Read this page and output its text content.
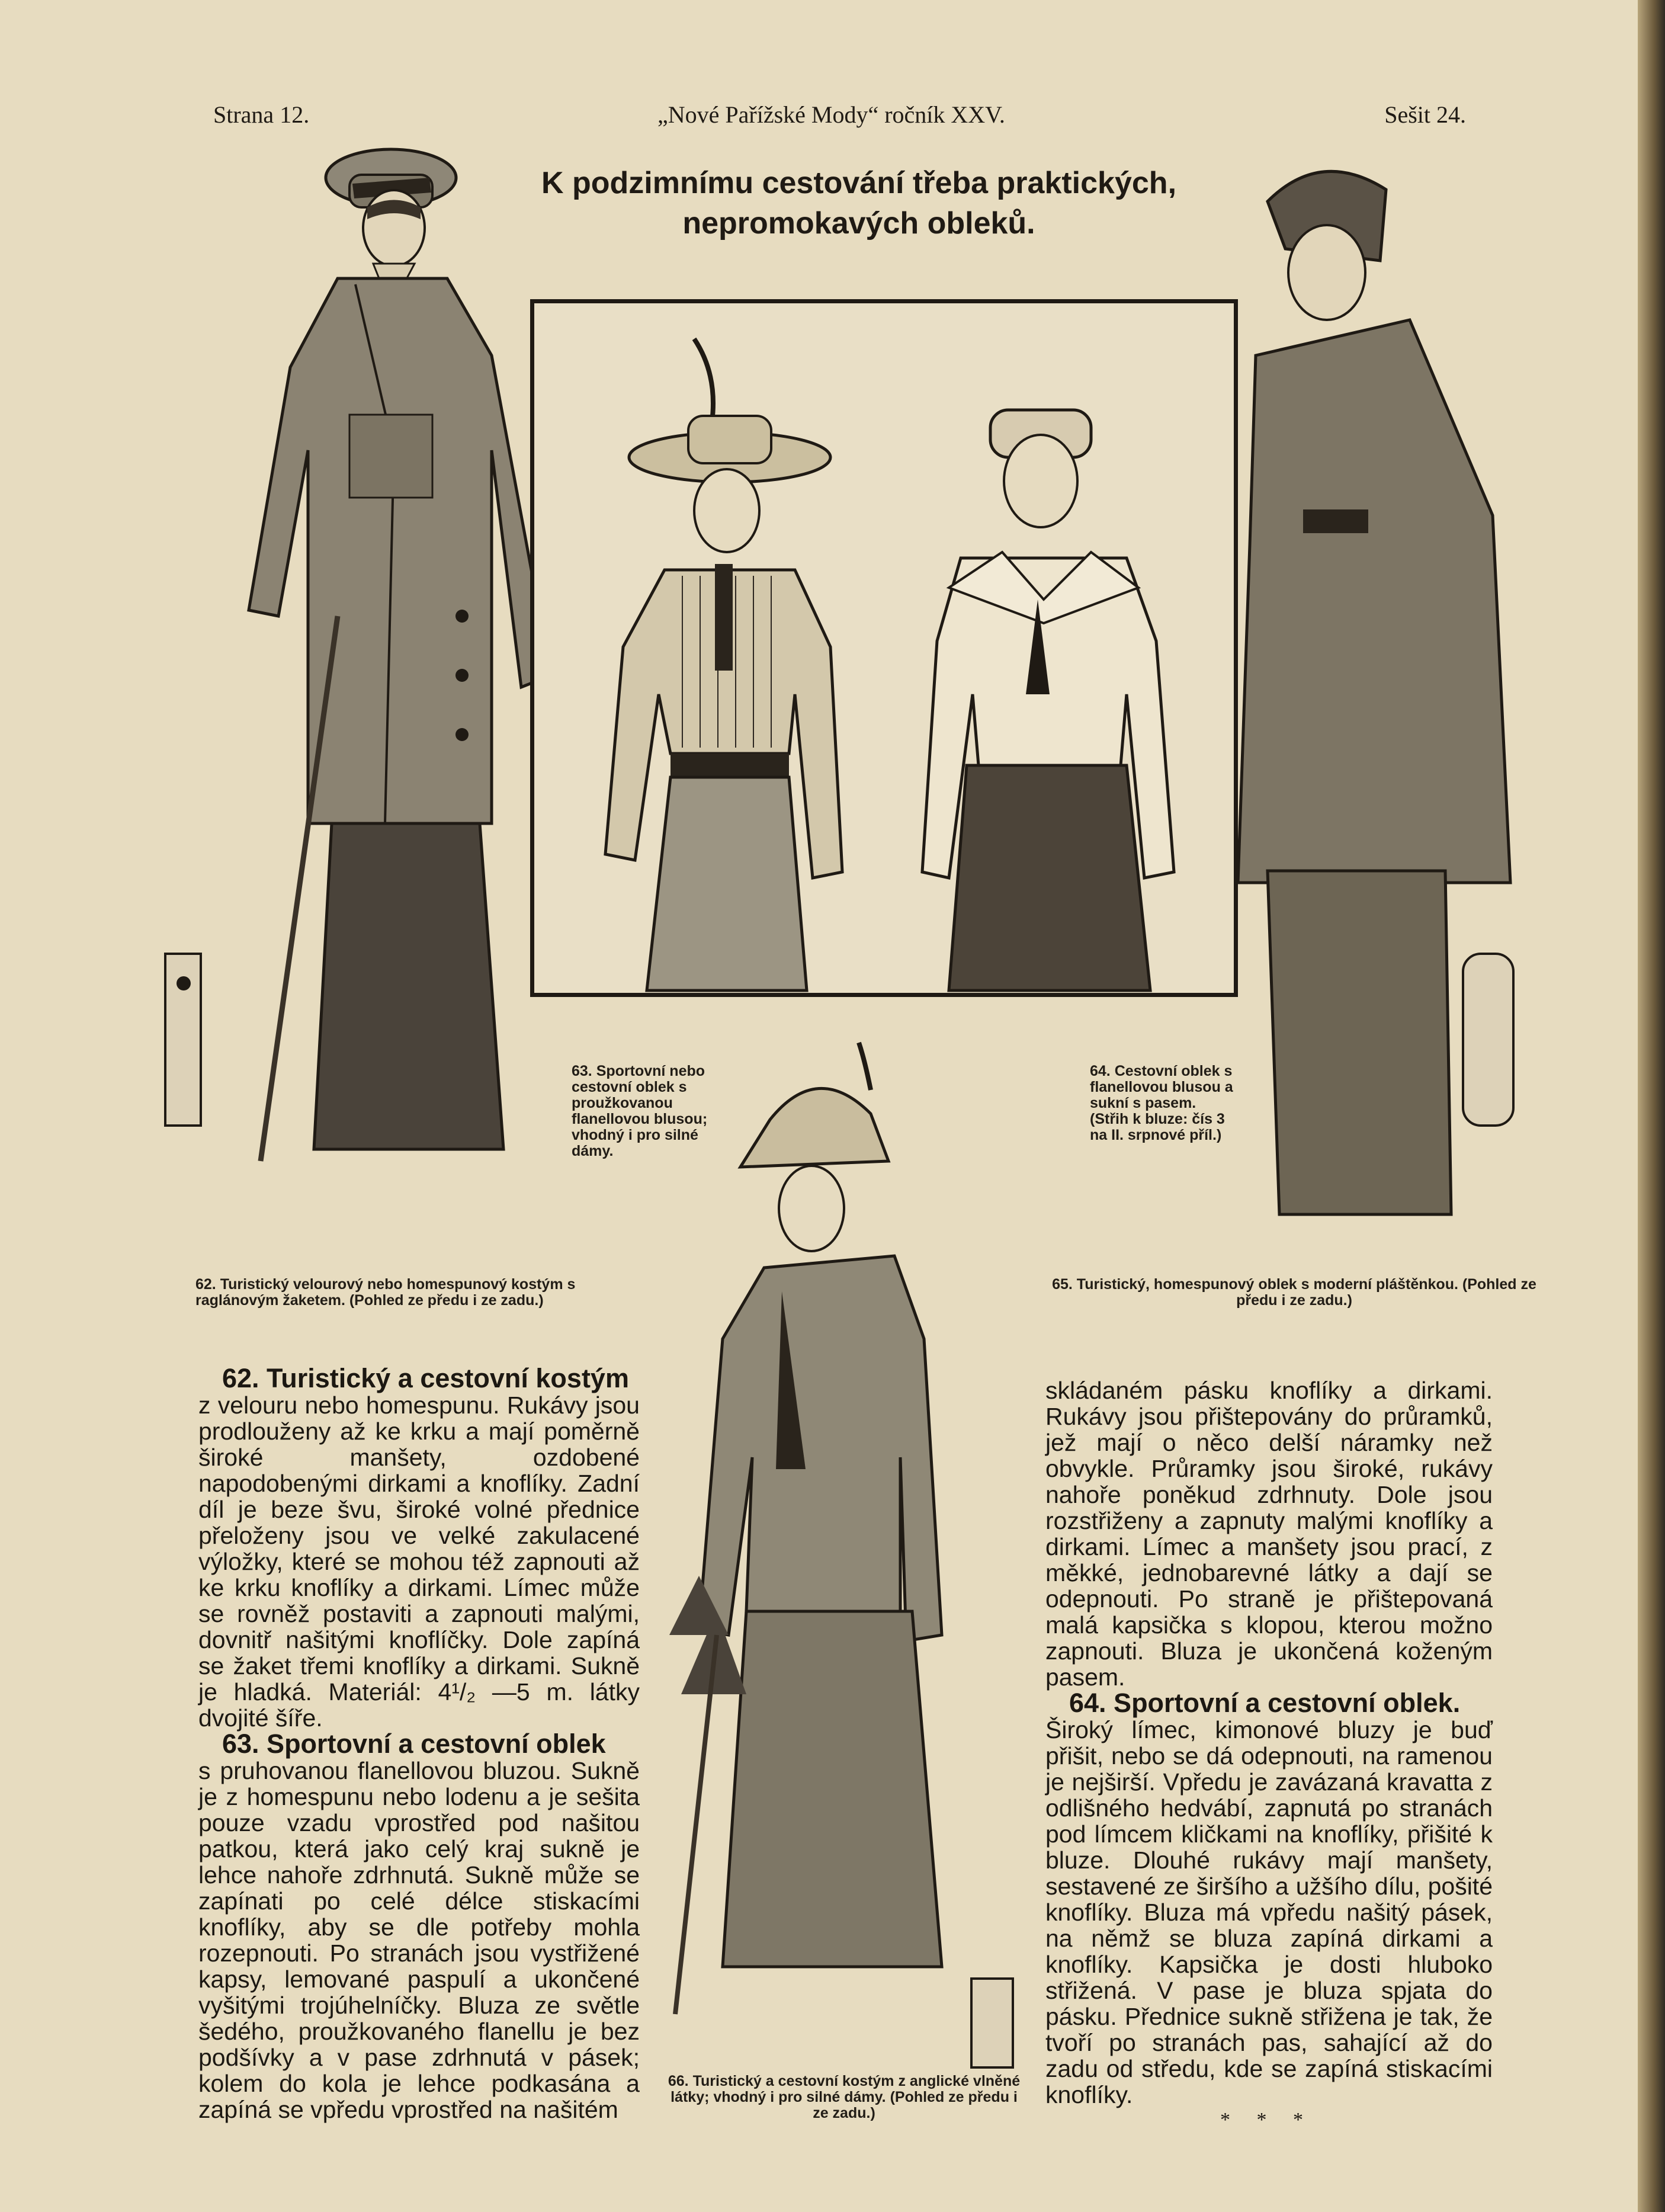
Strana 12.	„Nové Pařížské Mody“ ročník XXV.	Sešit 24.
K podzimnímu cestování třeba praktických,
nepromokavých obleků.
63. Sportovní nebo cestovní oblek s proužkovanou flanellovou blusou; vhodný i pro silné dámy.
64. Cestovní oblek s flanellovou blusou a sukní s pasem. (Střih k bluze: čís 3 na II. srpnové příl.)
62. Turistický velourový nebo homespunový kostým s raglánovým žaketem. (Pohled ze předu i ze zadu.)
65. Turistický, homespunový oblek s moderní pláštěnkou. (Pohled ze předu i ze zadu.)
66. Turistický a cestovní kostým z anglické vlněné látky; vhodný i pro silné dámy. (Pohled ze předu i ze zadu.)

62. Turistický a cestovní kostým

z velouru nebo homespunu. Rukávy jsou prodlouženy až ke krku a mají poměrně široké manšety, ozdobené napodobenými dirkami a knoflíky. Zadní díl je beze švu, široké volné přednice přeloženy jsou ve velké zakulacené výložky, které se mohou též zapnouti až ke krku knoflíky a dirkami. Límec může se rovněž postaviti a zapnouti malými, dovnitř našitými knoflíčky. Dole zapíná se žaket třemi knoflíky a dirkami. Sukně je hladká. Materiál: 4¹/₂ —5 m. látky dvojité šíře.

63. Sportovní a cestovní oblek

s pruhovanou flanellovou bluzou. Sukně je z homespunu nebo lodenu a je sešita pouze vzadu vprostřed pod našitou patkou, která jako celý kraj sukně je lehce nahoře zdrhnutá. Sukně může se zapínati po celé délce stiskacími knoflíky, aby se dle potřeby mohla rozepnouti. Po stranách jsou vystřižené kapsy, lemované paspulí a ukončené vyšitými trojúhelníčky. Bluza ze světle šedého, proužkovaného flanellu je bez podšívky a v pase zdrhnutá v pásek; kolem do kola je lehce podkasána a zapíná se vpředu vprostřed na našitém

skládaném pásku knoflíky a dirkami. Rukávy jsou přištepovány do průramků, jež mají o něco delší náramky než obvykle. Průramky jsou široké, rukávy nahoře poněkud zdrhnuty. Dole jsou rozstřiženy a zapnuty malými knoflíky a dirkami. Límec a manšety jsou prací, z měkké, jednobarevné látky a dají se odepnouti. Po straně je přištepovaná malá kapsička s klopou, kterou možno zapnouti. Bluza je ukončená koženým pasem.

64. Sportovní a cestovní oblek.

Široký límec, kimonové bluzy je buď přišit, nebo se dá odepnouti, na ramenou je nejširší. Vpředu je zavázaná kravatta z odlišného hedvábí, zapnutá po stranách pod límcem kličkami na knoflíky, přišité k bluze. Dlouhé rukávy mají manšety, sestavené ze širšího a užšího dílu, pošité knoflíky. Bluza má vpředu našitý pásek, na němž se bluza zapíná dirkami a knoflíky. Kapsička je dosti hluboko střižená. V pase je bluza spjata do pásku. Přednice sukně střižena je tak, že tvoří po stranách pas, sahající až do zadu od středu, kde se zapíná stiskacími knoflíky.

* * *
